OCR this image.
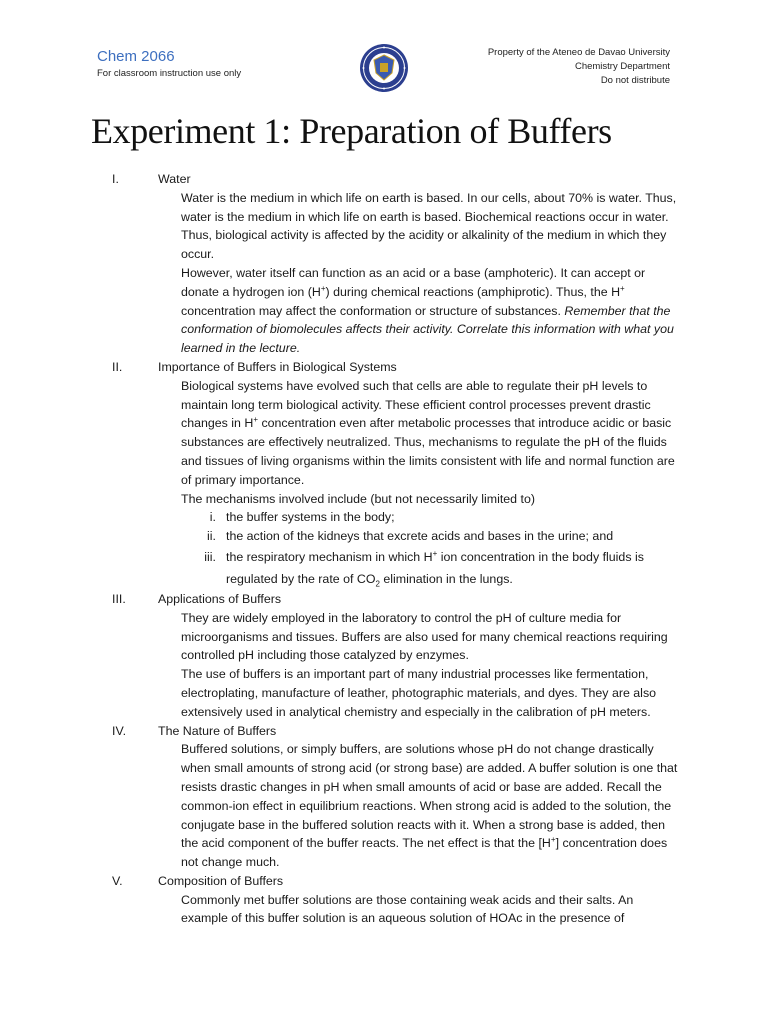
Chem 2066
For classroom instruction use only
Property of the Ateneo de Davao University
Chemistry Department
Do not distribute
Experiment 1: Preparation of Buffers
I.	Water

Water is the medium in which life on earth is based. In our cells, about 70% is water. Thus, water is the medium in which life on earth is based. Biochemical reactions occur in water. Thus, biological activity is affected by the acidity or alkalinity of the medium in which they occur.

However, water itself can function as an acid or a base (amphoteric). It can accept or donate a hydrogen ion (H+) during chemical reactions (amphiprotic). Thus, the H+ concentration may affect the conformation or structure of substances. Remember that the conformation of biomolecules affects their activity. Correlate this information with what you learned in the lecture.

II.	Importance of Buffers in Biological Systems

Biological systems have evolved such that cells are able to regulate their pH levels to maintain long term biological activity. These efficient control processes prevent drastic changes in H+ concentration even after metabolic processes that introduce acidic or basic substances are effectively neutralized. Thus, mechanisms to regulate the pH of the fluids and tissues of living organisms within the limits consistent with life and normal function are of primary importance.

The mechanisms involved include (but not necessarily limited to)

i. the buffer systems in the body;
ii. the action of the kidneys that excrete acids and bases in the urine; and
iii. the respiratory mechanism in which H+ ion concentration in the body fluids is regulated by the rate of $CO_2$ elimination in the lungs.
III.	Applications of Buffers

They are widely employed in the laboratory to control the pH of culture media for microorganisms and tissues. Buffers are also used for many chemical reactions requiring controlled pH including those catalyzed by enzymes.

The use of buffers is an important part of many industrial processes like fermentation, electroplating, manufacture of leather, photographic materials, and dyes. They are also extensively used in analytical chemistry and especially in the calibration of pH meters.

IV.	The Nature of Buffers

Buffered solutions, or simply buffers, are solutions whose pH do not change drastically when small amounts of strong acid (or strong base) are added. A buffer solution is one that resists drastic changes in pH when small amounts of acid or base are added. Recall the common-ion effect in equilibrium reactions. When strong acid is added to the solution, the conjugate base in the buffered solution reacts with it. When a strong base is added, then the acid component of the buffer reacts. The net effect is that the [H+] concentration does not change much.

V.	Composition of Buffers

Commonly met buffer solutions are those containing weak acids and their salts. An example of this buffer solution is an aqueous solution of HOAc in the presence of
